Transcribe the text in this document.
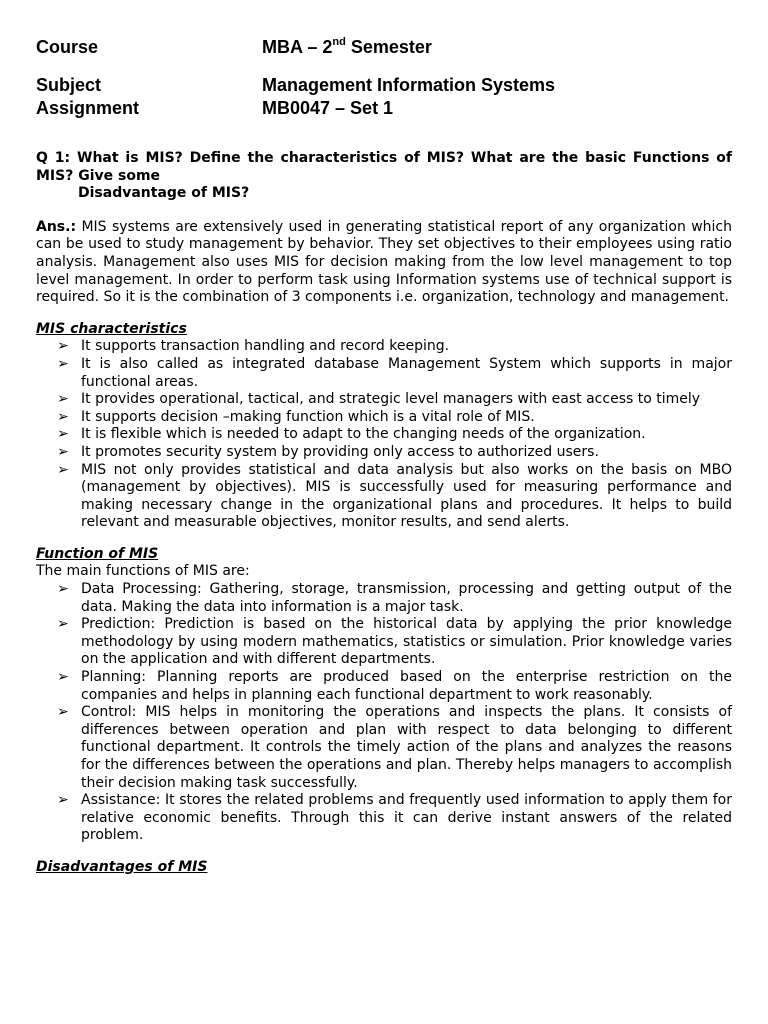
Course	MBA – 2nd Semester
Subject	Management Information Systems
Assignment	MB0047 – Set 1

Q 1: What is MIS? Define the characteristics of MIS? What are the basic Functions of MIS? Give some
Disadvantage of MIS?

Ans.: MIS systems are extensively used in generating statistical report of any organization which can be used to study management by behavior. They set objectives to their employees using ratio analysis. Management also uses MIS for decision making from the low level management to top level management. In order to perform task using Information systems use of technical support is required. So it is the combination of 3 components i.e. organization, technology and management.

MIS characteristics

➢ It supports transaction handling and record keeping.
➢ It is also called as integrated database Management System which supports in major functional areas.
➢ It provides operational, tactical, and strategic level managers with east access to timely
➢ It supports decision –making function which is a vital role of MIS.
➢ It is flexible which is needed to adapt to the changing needs of the organization.
➢ It promotes security system by providing only access to authorized users.
➢ MIS not only provides statistical and data analysis but also works on the basis on MBO (management by objectives). MIS is successfully used for measuring performance and making necessary change in the organizational plans and procedures. It helps to build relevant and measurable objectives, monitor results, and send alerts.

Function of MIS

The main functions of MIS are:

➢ Data Processing: Gathering, storage, transmission, processing and getting output of the data. Making the data into information is a major task.
➢ Prediction: Prediction is based on the historical data by applying the prior knowledge methodology by using modern mathematics, statistics or simulation. Prior knowledge varies on the application and with different departments.
➢ Planning: Planning reports are produced based on the enterprise restriction on the companies and helps in planning each functional department to work reasonably.
➢ Control: MIS helps in monitoring the operations and inspects the plans. It consists of differences between operation and plan with respect to data belonging to different functional department. It controls the timely action of the plans and analyzes the reasons for the differences between the operations and plan. Thereby helps managers to accomplish their decision making task successfully.
➢ Assistance: It stores the related problems and frequently used information to apply them for relative economic benefits. Through this it can derive instant answers of the related problem.

Disadvantages of MIS
